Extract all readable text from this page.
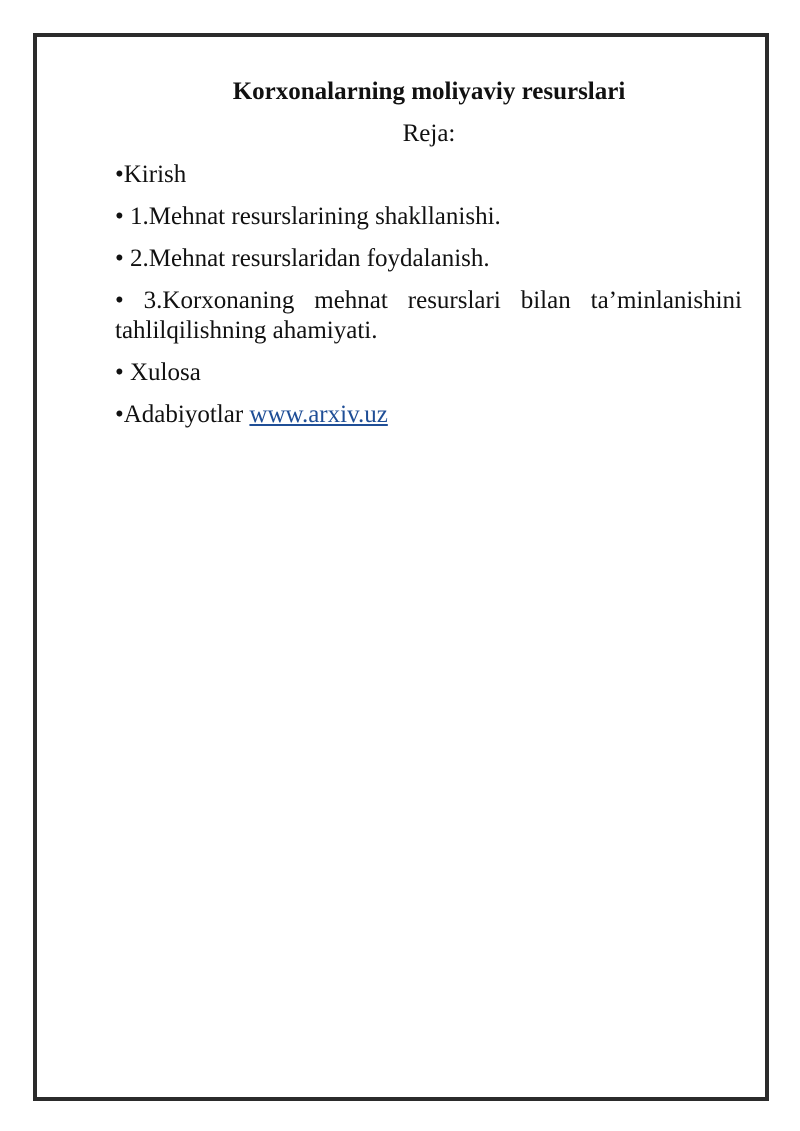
Korxonalarning moliyaviy resurslari
Reja:
•Kirish
• 1.Mehnat resurslarining shakllanishi.
• 2.Mehnat resurslaridan foydalanish.
• 3.Korxonaning mehnat resurslari bilan ta’minlanishini tahlilqilishning ahamiyati.
• Xulosa
•Adabiyotlar www.arxiv.uz
